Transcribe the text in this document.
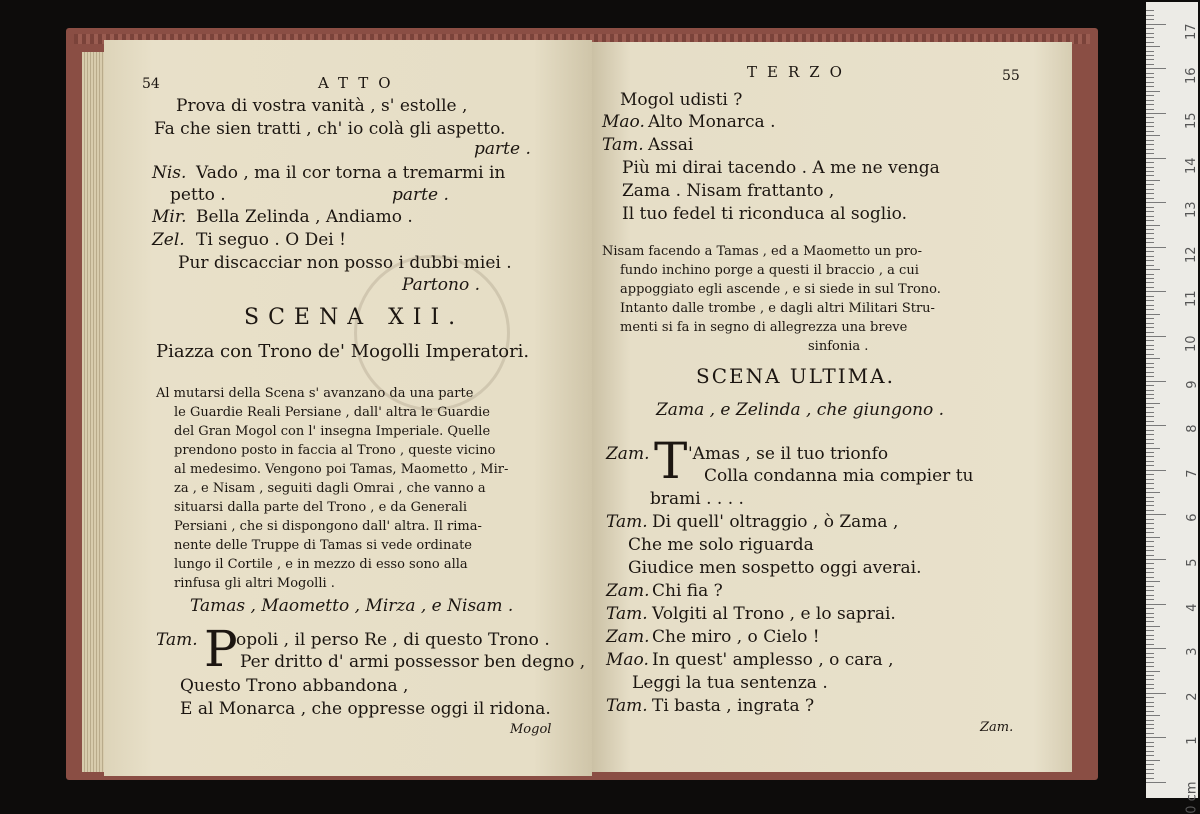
54	ATTO
Prova di vostra vanità , s' estolle ,
Fa che sien tratti , ch' io colà gli aspetto.
parte .
Nis. Vado , ma il cor torna a tremarmi in
petto .	parte .
Mir. Bella Zelinda , Andiamo .
Zel. Ti seguo . O Dei !
Pur discacciar non posso i dubbi miei .
Partono .
SCENA XII.
Piazza con Trono de' Mogolli Imperatori.
Al mutarsi della Scena s' avanzano da una parte
le Guardie Reali Persiane , dall' altra le Guardie
del Gran Mogol con l' insegna Imperiale. Quelle
prendono posto in faccia al Trono , queste vicino
al medesimo. Vengono poi Tamas, Maometto , Mir-
za , e Nisam , seguiti dagli Omrai , che vanno a
situarsi dalla parte del Trono , e da Generali
Persiani , che si dispongono dall' altra. Il rima-
nente delle Truppe di Tamas si vede ordinate
lungo il Cortile , e in mezzo di esso sono alla
rinfusa gli altri Mogolli .
Tamas , Maometto , Mirza , e Nisam .
Tam. P
opoli , il perso Re , di questo Trono .
Per dritto d' armi possessor ben degno ,
Questo Trono abbandona ,
E al Monarca , che oppresse oggi il ridona.
Mogol
TERZO	55
Mogol udisti ?
Mao. Alto Monarca .
Tam. Assai
Più mi dirai tacendo . A me ne venga
Zama . Nisam frattanto ,
Il tuo fedel ti riconduca al soglio.
Nisam facendo a Tamas , ed a Maometto un pro-
fundo inchino porge a questi il braccio , a cui
appoggiato egli ascende , e si siede in sul Trono.
Intanto dalle trombe , e dagli altri Militari Stru-
menti si fa in segno di allegrezza una breve
sinfonia .
SCENA ULTIMA.
Zama , e Zelinda , che giungono .
Zam. T 'Amas , se il tuo trionfo
Colla condanna mia compier tu
brami . . . .
Tam. Di quell' oltraggio , ò Zama ,
Che me solo riguarda
Giudice men sospetto oggi averai.
Zam. Chi fia ?
Tam. Volgiti al Trono , e lo saprai.
Zam. Che miro , o Cielo !
Mao. In quest' amplesso , o cara ,
Leggi la tua sentenza .
Tam. Ti basta , ingrata ?
Zam.
0 cm
1
2
3
4
5
6
7
8
9
10
11
12
13
14
15
16
17
